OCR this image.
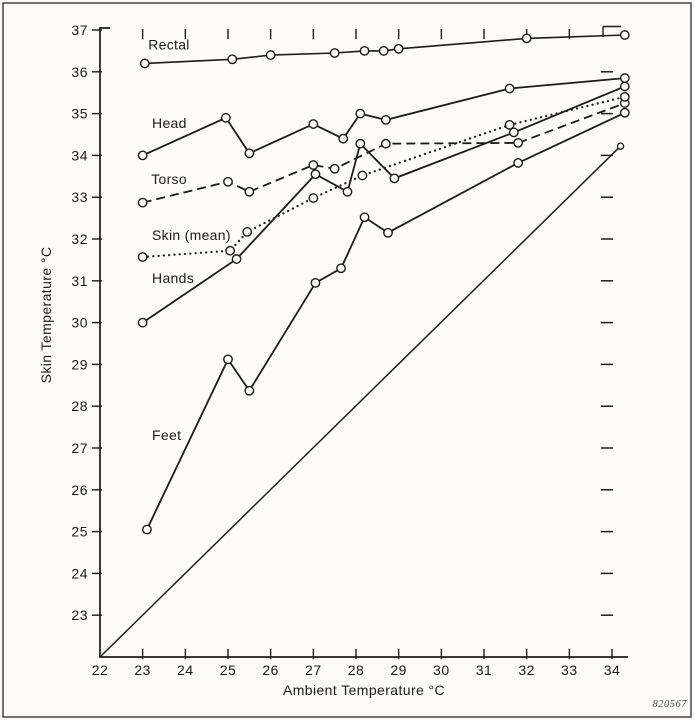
23
24
25
26
27
28
29
30
31
32
33
34
35
36
37
22 23 24 25 26 27 28 29 30 31 32 33 34
Rectal
Head
Torso
Skin (mean)
Hands
Feet
Ambient Temperature °C
Skin Temperature °C
820567
